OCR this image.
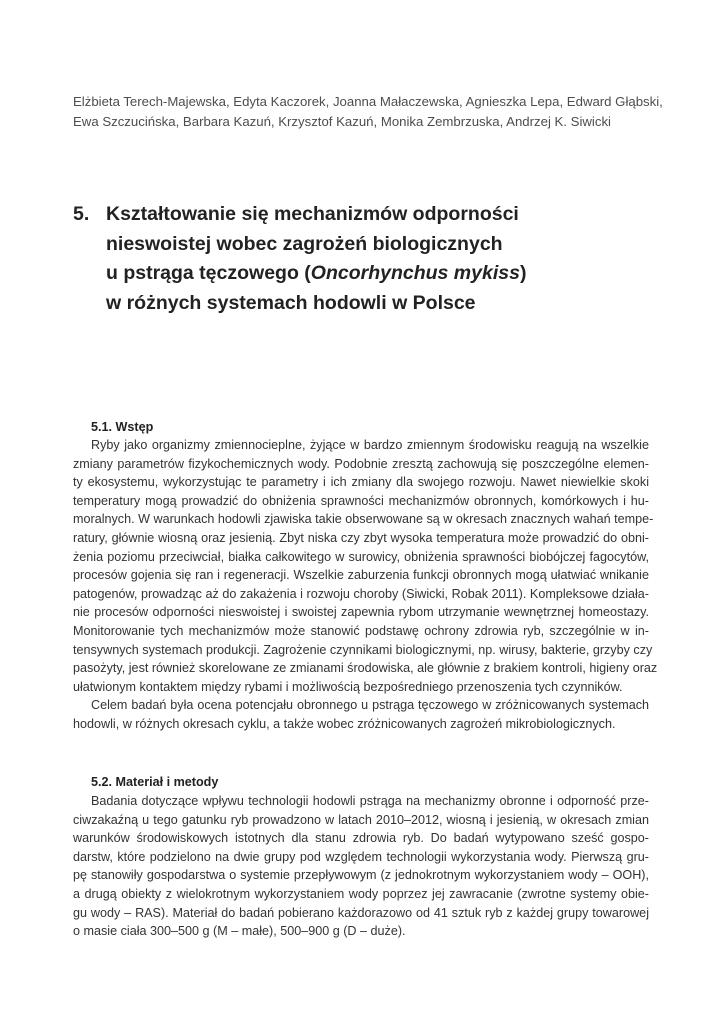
Elżbieta Terech-Majewska, Edyta Kaczorek, Joanna Małaczewska, Agnieszka Lepa, Edward Głąbski,
Ewa Szczucińska, Barbara Kazuń, Krzysztof Kazuń, Monika Zembrzuska, Andrzej K. Siwicki
5. Kształtowanie się mechanizmów odporności
nieswoistej wobec zagrożeń biologicznych
u pstrąga tęczowego (Oncorhynchus mykiss)
w różnych systemach hodowli w Polsce
5.1. Wstęp
Ryby jako organizmy zmiennocieplne, żyjące w bardzo zmiennym środowisku reagują na wszelkie
zmiany parametrów fizykochemicznych wody. Podobnie zresztą zachowują się poszczególne elemen-
ty ekosystemu, wykorzystując te parametry i ich zmiany dla swojego rozwoju. Nawet niewielkie skoki
temperatury mogą prowadzić do obniżenia sprawności mechanizmów obronnych, komórkowych i hu-
moralnych. W warunkach hodowli zjawiska takie obserwowane są w okresach znacznych wahań tempe-
ratury, głównie wiosną oraz jesienią. Zbyt niska czy zbyt wysoka temperatura może prowadzić do obni-
żenia poziomu przeciwciał, białka całkowitego w surowicy, obniżenia sprawności biobójczej fagocytów,
procesów gojenia się ran i regeneracji. Wszelkie zaburzenia funkcji obronnych mogą ułatwiać wnikanie
patogenów, prowadząc aż do zakażenia i rozwoju choroby (Siwicki, Robak 2011). Kompleksowe działa-
nie procesów odporności nieswoistej i swoistej zapewnia rybom utrzymanie wewnętrznej homeostazy.
Monitorowanie tych mechanizmów może stanowić podstawę ochrony zdrowia ryb, szczególnie w in-
tensywnych systemach produkcji. Zagrożenie czynnikami biologicznymi, np. wirusy, bakterie, grzyby czy
pasożyty, jest również skorelowane ze zmianami środowiska, ale głównie z brakiem kontroli, higieny oraz
ułatwionym kontaktem między rybami i możliwością bezpośredniego przenoszenia tych czynników.
Celem badań była ocena potencjału obronnego u pstrąga tęczowego w zróżnicowanych systemach
hodowli, w różnych okresach cyklu, a także wobec zróżnicowanych zagrożeń mikrobiologicznych.
5.2. Materiał i metody
Badania dotyczące wpływu technologii hodowli pstrąga na mechanizmy obronne i odporność prze-
ciwzakaźną u tego gatunku ryb prowadzono w latach 2010–2012, wiosną i jesienią, w okresach zmian
warunków środowiskowych istotnych dla stanu zdrowia ryb. Do badań wytypowano sześć gospo-
darstw, które podzielono na dwie grupy pod względem technologii wykorzystania wody. Pierwszą gru-
pę stanowiły gospodarstwa o systemie przepływowym (z jednokrotnym wykorzystaniem wody – OOH),
a drugą obiekty z wielokrotnym wykorzystaniem wody poprzez jej zawracanie (zwrotne systemy obie-
gu wody – RAS). Materiał do badań pobierano każdorazowo od 41 sztuk ryb z każdej grupy towarowej
o masie ciała 300–500 g (M – małe), 500–900 g (D – duże).
